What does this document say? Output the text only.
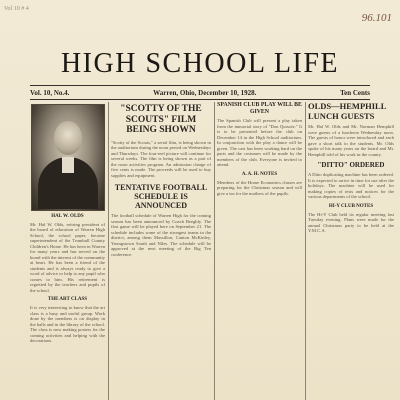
Vol 10 # 4
96.101
HIGH SCHOOL LIFE
Vol. 10, No.4.	Warren, Ohio, December 10, 1928.	Ten Cents
HAL W. OLDS
Mr. Hal W. Olds, retiring president of the board of education of Warren High School, the school paper, became superintendent of the Trumbull County Children's Home. He has been in Warren for many years and has served on the board with the interest of the community at heart. He has been a friend of the students and is always ready to give a word of advice or help to any pupil who comes to him. His retirement is regretted by the teachers and pupils of the school.
THE ART CLASS
It is very interesting to know that the art class is a busy and useful group. Work done by the members is on display in the halls and in the library of the school. The class is now making posters for the coming activities and helping with the decorations.
"SCOTTY OF THE SCOUTS" FILM BEING SHOWN
"Scotty of the Scouts," a serial film, is being shown in the auditorium during the noon period on Wednesdays and Thursdays. The four-reel picture will continue for several weeks. The film is being shown as a part of the noon activities program. An admission charge of five cents is made. The proceeds will be used to buy supplies and equipment.
TENTATIVE FOOTBALL SCHEDULE IS ANNOUNCED
The football schedule of Warren High for the coming season has been announced by Coach Beeghly. The first game will be played here on September 21. The schedule includes some of the strongest teams in the district, among them Massillon, Canton McKinley, Youngstown South and Niles. The schedule will be approved at the next meeting of the Big Ten conference.
SPANISH CLUB PLAY WILL BE GIVEN
The Spanish Club will present a play taken from the immortal story of "Don Quixote." It is to be presented before the club on December 14 in the High School auditorium. In conjunction with the play a dance will be given. The cast has been working hard on the parts and the costumes will be made by the members of the club. Everyone is invited to attend.
A. A. H. NOTES
Members of the Home Economics classes are preparing for the Christmas season and will give a tea for the mothers of the pupils.
OLDS—HEMPHILL LUNCH GUESTS
Mr. Hal W. Olds and Mr. Norman Hemphill were guests of a luncheon Wednesday noon. The guests of honor were introduced and each gave a short talk to the students. Mr. Olds spoke of his many years on the board and Mr. Hemphill told of his work in the county.
"DITTO" ORDERED
A Ditto duplicating machine has been ordered. It is expected to arrive in time for use after the holidays. The machine will be used for making copies of tests and notices for the various departments of the school.
HI-Y CLUB NOTES
The Hi-Y Club held its regular meeting last Tuesday evening. Plans were made for the annual Christmas party to be held at the Y.M.C.A.
